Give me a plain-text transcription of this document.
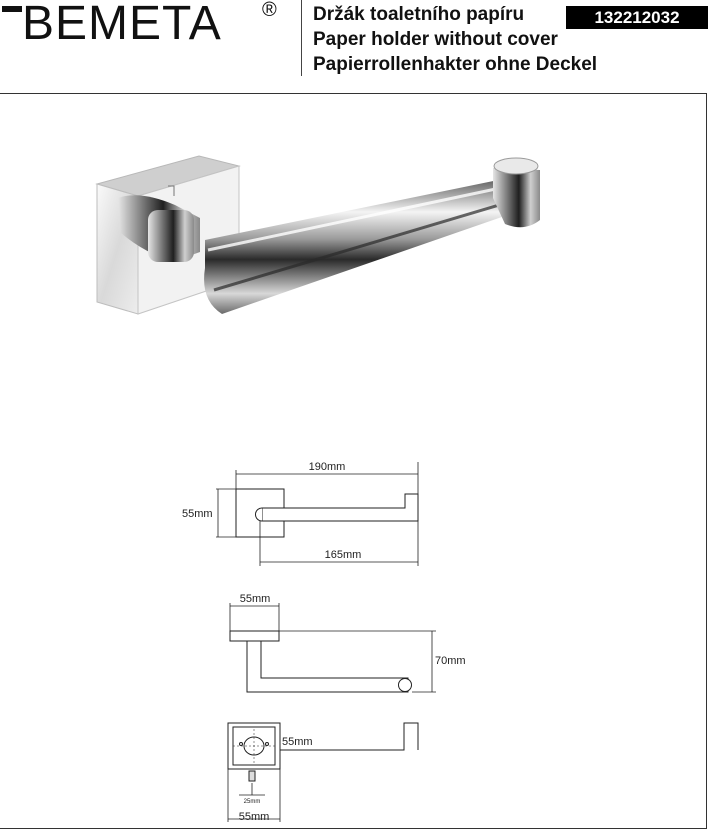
BEMETA ® Držák toaletního papíru
Paper holder without cover
Papierrollenhakter ohne Deckel
132212032
190mm
55mm
165mm
55mm
70mm
55mm
25mm
55mm
